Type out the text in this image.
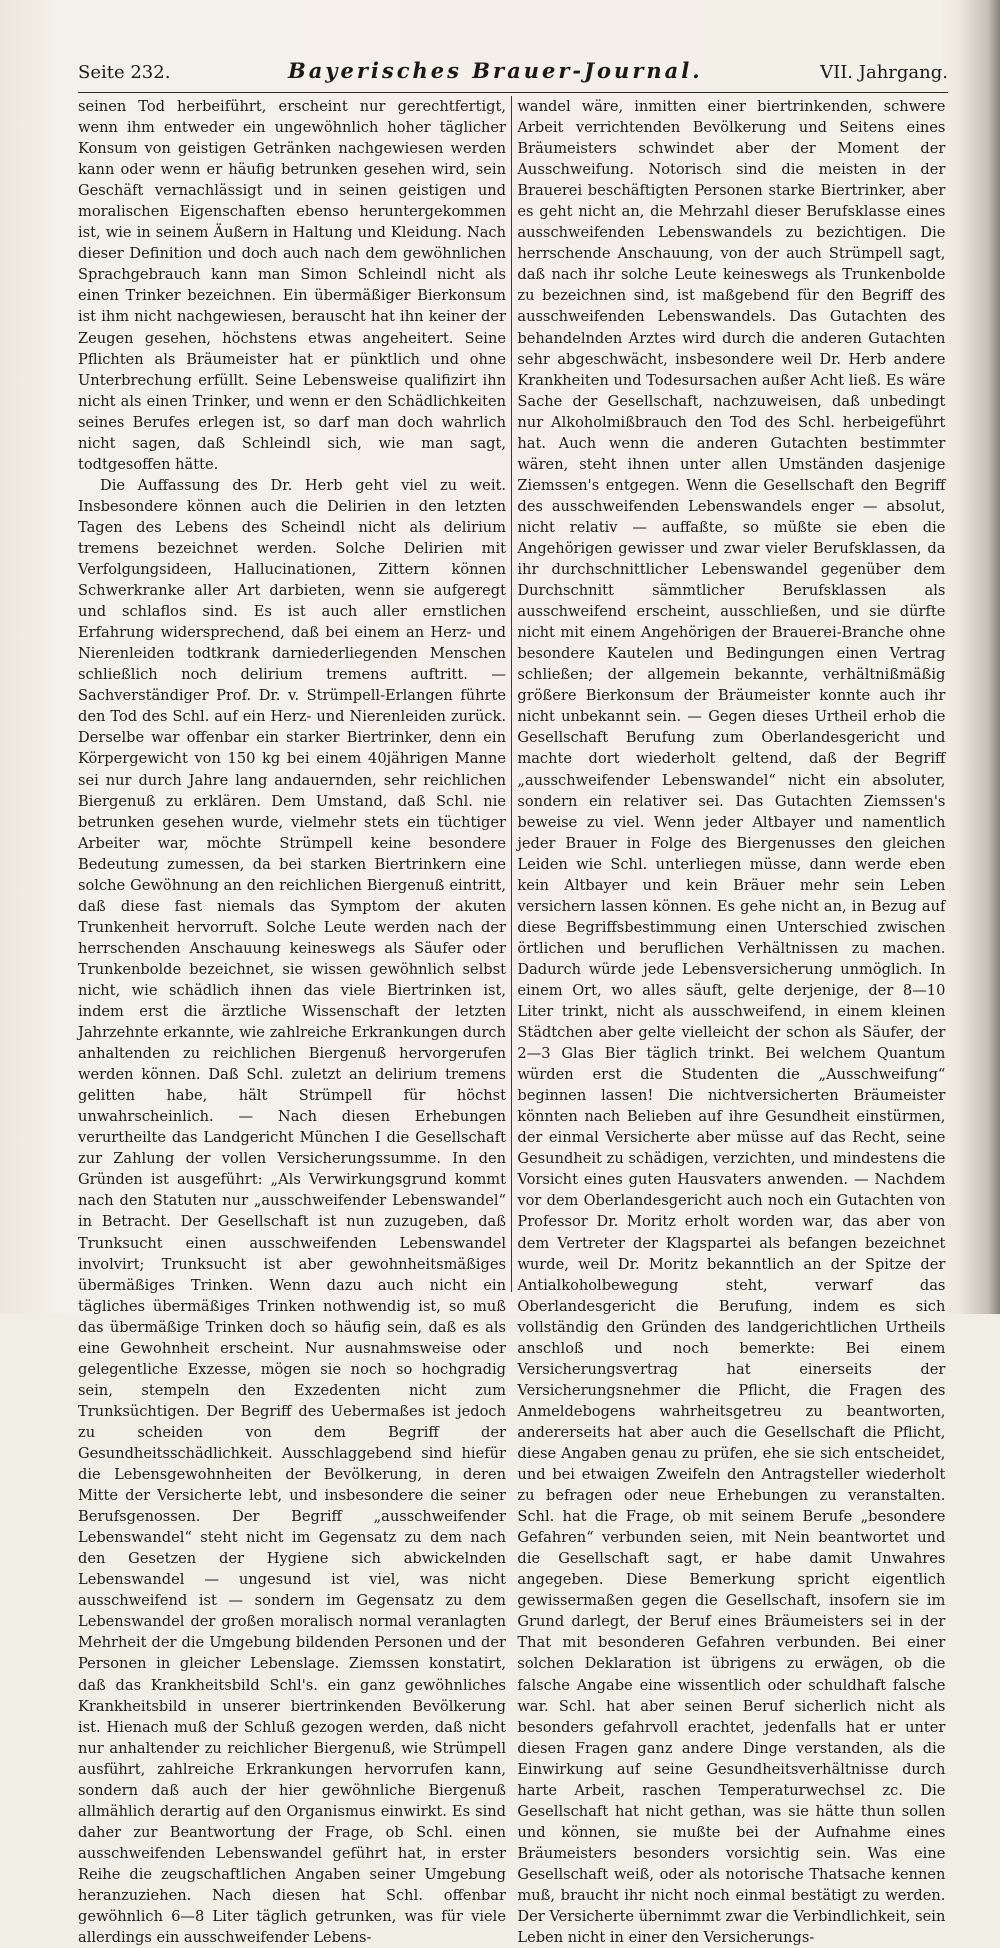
Seite 232.	Bayerisches Brauer-Journal.	VII. Jahrgang.

seinen Tod herbeiführt, erscheint nur gerechtfertigt, wenn ihm entweder ein ungewöhnlich hoher täglicher Konsum von geistigen Getränken nachgewiesen werden kann oder wenn er häufig betrunken gesehen wird, sein Geschäft vernachlässigt und in seinen geistigen und moralischen Eigenschaften ebenso heruntergekommen ist, wie in seinem Äußern in Haltung und Kleidung. Nach dieser Definition und doch auch nach dem gewöhnlichen Sprachgebrauch kann man Simon Schleindl nicht als einen Trinker bezeichnen. Ein übermäßiger Bierkonsum ist ihm nicht nachgewiesen, berauscht hat ihn keiner der Zeugen gesehen, höchstens etwas angeheitert. Seine Pflichten als Bräumeister hat er pünktlich und ohne Unterbrechung erfüllt. Seine Lebensweise qualifizirt ihn nicht als einen Trinker, und wenn er den Schädlichkeiten seines Berufes erlegen ist, so darf man doch wahrlich nicht sagen, daß Schleindl sich, wie man sagt, todtgesoffen hätte.

Die Auffassung des Dr. Herb geht viel zu weit. Insbesondere können auch die Delirien in den letzten Tagen des Lebens des Scheindl nicht als delirium tremens bezeichnet werden. Solche Delirien mit Verfolgungsideen, Hallucinationen, Zittern können Schwerkranke aller Art darbieten, wenn sie aufgeregt und schlaflos sind. Es ist auch aller ernstlichen Erfahrung widersprechend, daß bei einem an Herz- und Nierenleiden todtkrank darniederliegenden Menschen schließlich noch delirium tremens auftritt. — Sachverständiger Prof. Dr. v. Strümpell-Erlangen führte den Tod des Schl. auf ein Herz- und Nierenleiden zurück. Derselbe war offenbar ein starker Biertrinker, denn ein Körpergewicht von 150 kg bei einem 40jährigen Manne sei nur durch Jahre lang andauernden, sehr reichlichen Biergenuß zu erklären. Dem Umstand, daß Schl. nie betrunken gesehen wurde, vielmehr stets ein tüchtiger Arbeiter war, möchte Strümpell keine besondere Bedeutung zumessen, da bei starken Biertrinkern eine solche Gewöhnung an den reichlichen Biergenuß eintritt, daß diese fast niemals das Symptom der akuten Trunkenheit hervorruft. Solche Leute werden nach der herrschenden Anschauung keineswegs als Säufer oder Trunkenbolde bezeichnet, sie wissen gewöhnlich selbst nicht, wie schädlich ihnen das viele Biertrinken ist, indem erst die ärztliche Wissenschaft der letzten Jahrzehnte erkannte, wie zahlreiche Erkrankungen durch anhaltenden zu reichlichen Biergenuß hervorgerufen werden können. Daß Schl. zuletzt an delirium tremens gelitten habe, hält Strümpell für höchst unwahrscheinlich. — Nach diesen Erhebungen verurtheilte das Landgericht München I die Gesellschaft zur Zahlung der vollen Versicherungssumme. In den Gründen ist ausgeführt: „Als Verwirkungsgrund kommt nach den Statuten nur „ausschweifender Lebenswandel“ in Betracht. Der Gesellschaft ist nun zuzugeben, daß Trunksucht einen ausschweifenden Lebenswandel involvirt; Trunksucht ist aber gewohnheitsmäßiges übermäßiges Trinken. Wenn dazu auch nicht ein tägliches übermäßiges Trinken nothwendig ist, so muß das übermäßige Trinken doch so häufig sein, daß es als eine Gewohnheit erscheint. Nur ausnahmsweise oder gelegentliche Exzesse, mögen sie noch so hochgradig sein, stempeln den Exzedenten nicht zum Trunksüchtigen. Der Begriff des Uebermaßes ist jedoch zu scheiden von dem Begriff der Gesundheitsschädlichkeit. Ausschlaggebend sind hiefür die Lebensgewohnheiten der Bevölkerung, in deren Mitte der Versicherte lebt, und insbesondere die seiner Berufsgenossen. Der Begriff „ausschweifender Lebenswandel“ steht nicht im Gegensatz zu dem nach den Gesetzen der Hygiene sich abwickelnden Lebenswandel — ungesund ist viel, was nicht ausschweifend ist — sondern im Gegensatz zu dem Lebenswandel der großen moralisch normal veranlagten Mehrheit der die Umgebung bildenden Personen und der Personen in gleicher Lebenslage. Ziemssen konstatirt, daß das Krankheitsbild Schl's. ein ganz gewöhnliches Krankheitsbild in unserer biertrinkenden Bevölkerung ist. Hienach muß der Schluß gezogen werden, daß nicht nur anhaltender zu reichlicher Biergenuß, wie Strümpell ausführt, zahlreiche Erkrankungen hervorrufen kann, sondern daß auch der hier gewöhnliche Biergenuß allmählich derartig auf den Organismus einwirkt. Es sind daher zur Beantwortung der Frage, ob Schl. einen ausschweifenden Lebenswandel geführt hat, in erster Reihe die zeugschaftlichen Angaben seiner Umgebung heranzuziehen. Nach diesen hat Schl. offenbar gewöhnlich 6—8 Liter täglich getrunken, was für viele allerdings ein ausschweifender Lebens-

wandel wäre, inmitten einer biertrinkenden, schwere Arbeit verrichtenden Bevölkerung und Seitens eines Bräumeisters schwindet aber der Moment der Ausschweifung. Notorisch sind die meisten in der Brauerei beschäftigten Personen starke Biertrinker, aber es geht nicht an, die Mehrzahl dieser Berufsklasse eines ausschweifenden Lebenswandels zu bezichtigen. Die herrschende Anschauung, von der auch Strümpell sagt, daß nach ihr solche Leute keineswegs als Trunkenbolde zu bezeichnen sind, ist maßgebend für den Begriff des ausschweifenden Lebenswandels. Das Gutachten des behandelnden Arztes wird durch die anderen Gutachten sehr abgeschwächt, insbesondere weil Dr. Herb andere Krankheiten und Todesursachen außer Acht ließ. Es wäre Sache der Gesellschaft, nachzuweisen, daß unbedingt nur Alkoholmißbrauch den Tod des Schl. herbeigeführt hat. Auch wenn die anderen Gutachten bestimmter wären, steht ihnen unter allen Umständen dasjenige Ziemssen's entgegen. Wenn die Gesellschaft den Begriff des ausschweifenden Lebenswandels enger — absolut, nicht relativ — auffaßte, so müßte sie eben die Angehörigen gewisser und zwar vieler Berufsklassen, da ihr durchschnittlicher Lebenswandel gegenüber dem Durchschnitt sämmtlicher Berufsklassen als ausschweifend erscheint, ausschließen, und sie dürfte nicht mit einem Angehörigen der Brauerei-Branche ohne besondere Kautelen und Bedingungen einen Vertrag schließen; der allgemein bekannte, verhältnißmäßig größere Bierkonsum der Bräumeister konnte auch ihr nicht unbekannt sein. — Gegen dieses Urtheil erhob die Gesellschaft Berufung zum Oberlandesgericht und machte dort wiederholt geltend, daß der Begriff „ausschweifender Lebenswandel“ nicht ein absoluter, sondern ein relativer sei. Das Gutachten Ziemssen's beweise zu viel. Wenn jeder Altbayer und namentlich jeder Brauer in Folge des Biergenusses den gleichen Leiden wie Schl. unterliegen müsse, dann werde eben kein Altbayer und kein Bräuer mehr sein Leben versichern lassen können. Es gehe nicht an, in Bezug auf diese Begriffsbestimmung einen Unterschied zwischen örtlichen und beruflichen Verhältnissen zu machen. Dadurch würde jede Lebensversicherung unmöglich. In einem Ort, wo alles säuft, gelte derjenige, der 8—10 Liter trinkt, nicht als ausschweifend, in einem kleinen Städtchen aber gelte vielleicht der schon als Säufer, der 2—3 Glas Bier täglich trinkt. Bei welchem Quantum würden erst die Studenten die „Ausschweifung“ beginnen lassen! Die nichtversicherten Bräumeister könnten nach Belieben auf ihre Gesundheit einstürmen, der einmal Versicherte aber müsse auf das Recht, seine Gesundheit zu schädigen, verzichten, und mindestens die Vorsicht eines guten Hausvaters anwenden. — Nachdem vor dem Oberlandesgericht auch noch ein Gutachten von Professor Dr. Moritz erholt worden war, das aber von dem Vertreter der Klagspartei als befangen bezeichnet wurde, weil Dr. Moritz bekanntlich an der Spitze der Antialkoholbewegung steht, verwarf das Oberlandesgericht die Berufung, indem es sich vollständig den Gründen des landgerichtlichen Urtheils anschloß und noch bemerkte: Bei einem Versicherungsvertrag hat einerseits der Versicherungsnehmer die Pflicht, die Fragen des Anmeldebogens wahrheitsgetreu zu beantworten, andererseits hat aber auch die Gesellschaft die Pflicht, diese Angaben genau zu prüfen, ehe sie sich entscheidet, und bei etwaigen Zweifeln den Antragsteller wiederholt zu befragen oder neue Erhebungen zu veranstalten. Schl. hat die Frage, ob mit seinem Berufe „besondere Gefahren“ verbunden seien, mit Nein beantwortet und die Gesellschaft sagt, er habe damit Unwahres angegeben. Diese Bemerkung spricht eigentlich gewissermaßen gegen die Gesellschaft, insofern sie im Grund darlegt, der Beruf eines Bräumeisters sei in der That mit besonderen Gefahren verbunden. Bei einer solchen Deklaration ist übrigens zu erwägen, ob die falsche Angabe eine wissentlich oder schuldhaft falsche war. Schl. hat aber seinen Beruf sicherlich nicht als besonders gefahrvoll erachtet, jedenfalls hat er unter diesen Fragen ganz andere Dinge verstanden, als die Einwirkung auf seine Gesundheitsverhältnisse durch harte Arbeit, raschen Temperaturwechsel zc. Die Gesellschaft hat nicht gethan, was sie hätte thun sollen und können, sie mußte bei der Aufnahme eines Bräumeisters besonders vorsichtig sein. Was eine Gesellschaft weiß, oder als notorische Thatsache kennen muß, braucht ihr nicht noch einmal bestätigt zu werden. Der Versicherte übernimmt zwar die Verbindlichkeit, sein Leben nicht in einer den Versicherungs-
